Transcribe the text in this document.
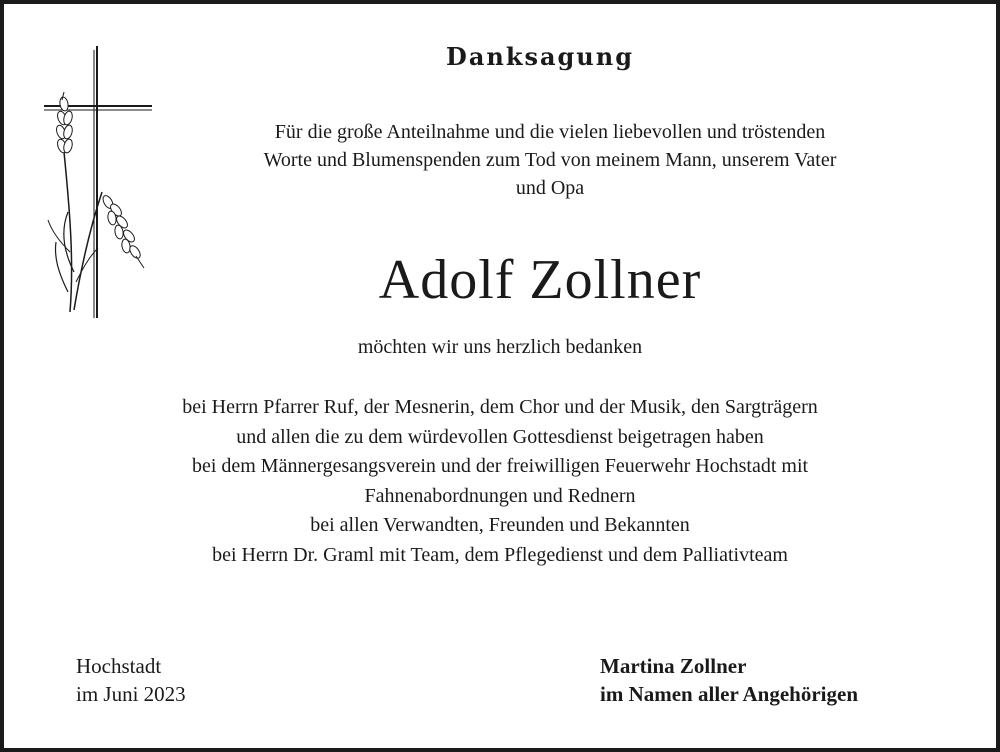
Danksagung
Für die große Anteilnahme und die vielen liebevollen und tröstenden
Worte und Blumenspenden zum Tod von meinem Mann, unserem Vater
und Opa
Adolf Zollner
möchten wir uns herzlich bedanken
bei Herrn Pfarrer Ruf, der Mesnerin, dem Chor und der Musik, den Sargträgern
und allen die zu dem würdevollen Gottesdienst beigetragen haben
bei dem Männergesangsverein und der freiwilligen Feuerwehr Hochstadt mit
Fahnenabordnungen und Rednern
bei allen Verwandten, Freunden und Bekannten
bei Herrn Dr. Graml mit Team, dem Pflegedienst und dem Palliativteam
Hochstadt
im Juni 2023
Martina Zollner
im Namen aller Angehörigen
